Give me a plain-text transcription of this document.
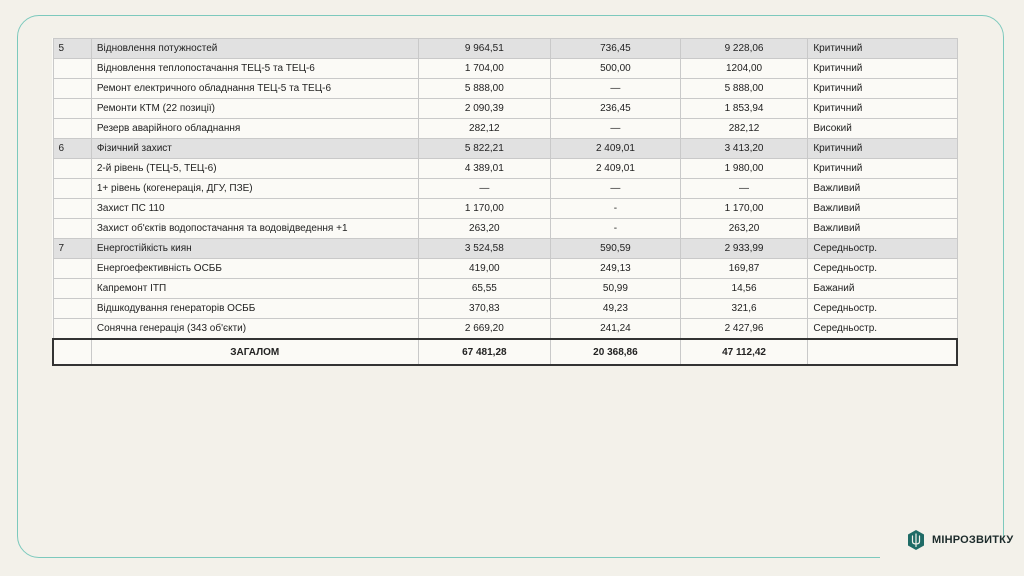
5	Відновлення потужностей	9 964,51	736,45	9 228,06	Критичний
	Відновлення теплопостачання ТЕЦ-5 та ТЕЦ-6	1 704,00	500,00	1204,00	Критичний
	Ремонт електричного обладнання ТЕЦ-5 та ТЕЦ-6	5 888,00	—	5 888,00	Критичний
	Ремонти КТМ (22 позиції)	2 090,39	236,45	1 853,94	Критичний
	Резерв аварійного обладнання	282,12	—	282,12	Високий
6	Фізичний захист	5 822,21	2 409,01	3 413,20	Критичний
	2-й рівень (ТЕЦ-5, ТЕЦ-6)	4 389,01	2 409,01	1 980,00	Критичний
	1+ рівень (когенерація, ДГУ, ПЗЕ)	—	—	—	Важливий
	Захист ПС 110	1 170,00	-	1 170,00	Важливий
	Захист об'єктів водопостачання та водовідведення +1	263,20	-	263,20	Важливий
7	Енергостійкість киян	3 524,58	590,59	2 933,99	Середньостр.
	Енергоефективність ОСББ	419,00	249,13	169,87	Середньостр.
	Капремонт ІТП	65,55	50,99	14,56	Бажаний
	Відшкодування генераторів ОСББ	370,83	49,23	321,6	Середньостр.
	Сонячна генерація (343 об'єкти)	2 669,20	241,24	2 427,96	Середньостр.
	ЗАГАЛОМ	67 481,28	20 368,86	47 112,42	
МІНРОЗВИТКУ
